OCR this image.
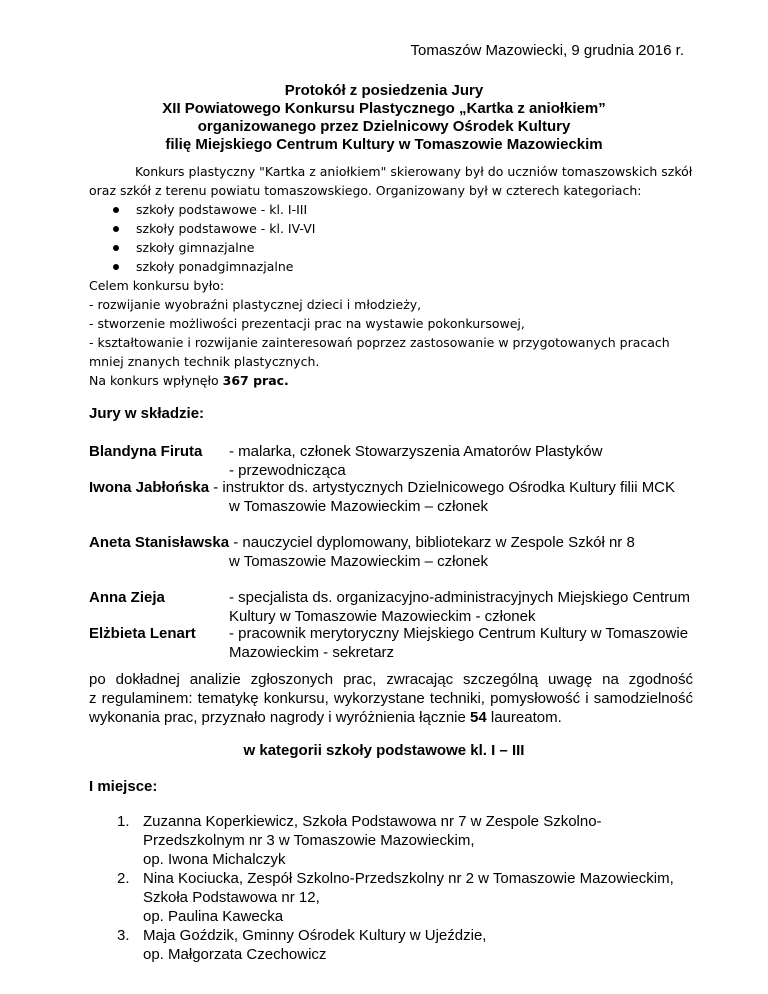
Tomaszów Mazowiecki, 9 grudnia 2016 r.
Protokół z posiedzenia Jury
XII Powiatowego Konkursu Plastycznego „Kartka z aniołkiem”
organizowanego przez Dzielnicowy Ośrodek Kultury
filię Miejskiego Centrum Kultury w Tomaszowie Mazowieckim
Konkurs plastyczny "Kartka z aniołkiem" skierowany był do uczniów tomaszowskich szkół
oraz szkół z terenu powiatu tomaszowskiego. Organizowany był w czterech kategoriach:
szkoły podstawowe - kl. I-III
szkoły podstawowe - kl. IV-VI
szkoły gimnazjalne
szkoły ponadgimnazjalne
Celem konkursu było:
- rozwijanie wyobraźni plastycznej dzieci i młodzieży,
- stworzenie możliwości prezentacji prac na wystawie pokonkursowej,
- kształtowanie i rozwijanie zainteresowań poprzez zastosowanie w przygotowanych pracach
mniej znanych technik plastycznych.
Na konkurs wpłynęło 367 prac.
Jury w składzie:
Blandyna Firuta - malarka, członek Stowarzyszenia Amatorów Plastyków
- przewodnicząca
Iwona Jabłońska - instruktor ds. artystycznych Dzielnicowego Ośrodka Kultury filii MCK
w Tomaszowie Mazowieckim – członek
Aneta Stanisławska - nauczyciel dyplomowany, bibliotekarz w Zespole Szkół nr 8
w Tomaszowie Mazowieckim – członek
Anna Zieja	- specjalista ds. organizacyjno-administracyjnych Miejskiego Centrum
Kultury w Tomaszowie Mazowieckim - członek
Elżbieta Lenart - pracownik merytoryczny Miejskiego Centrum Kultury w Tomaszowie
Mazowieckim - sekretarz
po dokładnej analizie zgłoszonych prac, zwracając szczególną uwagę na zgodność
z regulaminem: tematykę konkursu, wykorzystane techniki, pomysłowość i samodzielność
wykonania prac, przyznało nagrody i wyróżnienia łącznie 54 laureatom.
w kategorii szkoły podstawowe kl. I – III
I miejsce:
1. Zuzanna Koperkiewicz, Szkoła Podstawowa nr 7 w Zespole Szkolno-
Przedszkolnym nr 3 w Tomaszowie Mazowieckim,
op. Iwona Michalczyk
2. Nina Kociucka, Zespół Szkolno-Przedszkolny nr 2 w Tomaszowie Mazowieckim,
Szkoła Podstawowa nr 12,
op. Paulina Kawecka
3. Maja Goździk, Gminny Ośrodek Kultury w Ujeździe,
op. Małgorzata Czechowicz
